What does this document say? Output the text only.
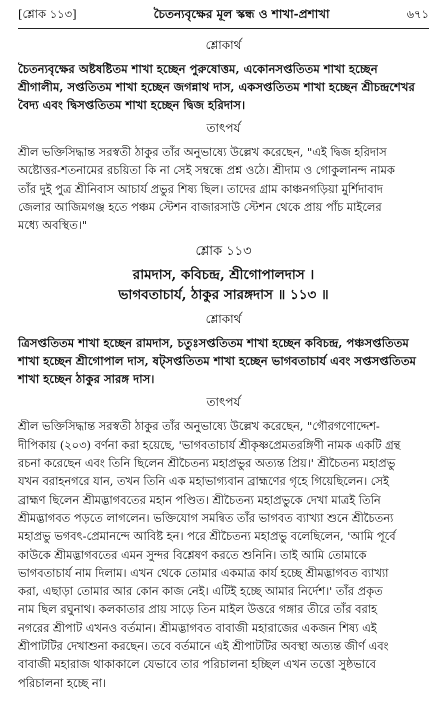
[শ্লোক ১১৩]	চৈতন্যবৃক্ষের মূল স্কন্ধ ও শাখা-প্রশাখা	৬৭১
শ্লোকার্থ

চৈতন্যবৃক্ষের অষ্টষষ্টিতম শাখা হচ্ছেন পুরুষোত্তম, একোনসপ্ততিতম শাখা হচ্ছেন

শ্রীগালীম, সপ্ততিতম শাখা হচ্ছেন জগন্নাথ দাস, একসপ্ততিতম শাখা হচ্ছেন শ্রীচন্দ্রশেখর

বৈদ্য এবং দ্বিসপ্ততিতম শাখা হচ্ছেন দ্বিজ হরিদাস।

তাৎপর্য

শ্রীল ভক্তিসিদ্ধান্ত সরস্বতী ঠাকুর তাঁর অনুভাষ্যে উল্লেখ করেছেন, "এই দ্বিজ হরিদাস

অষ্টোত্তর-শতনামের রচয়িতা কি না সেই সম্বন্ধে প্রশ্ন ওঠে। শ্রীদাম ও গোকুলানন্দ নামক

তাঁর দুই পুত্র শ্রীনিবাস আচার্য প্রভুর শিষ্য ছিল। তাদের গ্রাম কাঞ্চনগড়িয়া মুর্শিদাবাদ

জেলার আজিমগঞ্জ হতে পঞ্চম স্টেশন বাজারসাউ স্টেশন থেকে প্রায় পাঁচ মাইলের

মধ্যে অবস্থিত।"

শ্লোক ১১৩

রামদাস, কবিচন্দ্র, শ্রীগোপালদাস ।

ভাগবতাচার্য, ঠাকুর সারঙ্গদাস ॥ ১১৩ ॥

শ্লোকার্থ

ত্রিসপ্ততিতম শাখা হচ্ছেন রামদাস, চতুঃসপ্ততিতম শাখা হচ্ছেন কবিচন্দ্র, পঞ্চসপ্ততিতম

শাখা হচ্ছেন শ্রীগোপাল দাস, ষট্সপ্ততিতম শাখা হচ্ছেন ভাগবতাচার্য এবং সপ্তসপ্ততিতম

শাখা হচ্ছেন ঠাকুর সারঙ্গ দাস।

তাৎপর্য

শ্রীল ভক্তিসিদ্ধান্ত সরস্বতী ঠাকুর তাঁর অনুভাষ্যে উল্লেখ করেছেন, "গৌরগণোদ্দেশ-

দীপিকায় (২০৩) বর্ণনা করা হয়েছে, 'ভাগবতাচার্য শ্রীকৃষ্ণপ্রেমতরঙ্গিণী নামক একটি গ্রন্থ

রচনা করেছেন এবং তিনি ছিলেন শ্রীচৈতন্য মহাপ্রভুর অত্যন্ত প্রিয়।' শ্রীচৈতন্য মহাপ্রভু

যখন বরাহনগরে যান, তখন তিনি এক মহাভাগ্যবান ব্রাহ্মণের গৃহে গিয়েছিলেন। সেই

ব্রাহ্মণ ছিলেন শ্রীমদ্ভাগবতের মহান পণ্ডিত। শ্রীচৈতন্য মহাপ্রভুকে দেখা মাত্রই তিনি

শ্রীমদ্ভাগবত পড়তে লাগলেন। ভক্তিযোগ সমন্বিত তাঁর ভাগবত ব্যাখ্যা শুনে শ্রীচৈতন্য

মহাপ্রভু ভগবৎ-প্রেমানন্দে আবিষ্ট হন। পরে শ্রীচৈতন্য মহাপ্রভু বলেছিলেন, 'আমি পূর্বে

কাউকে শ্রীমদ্ভাগবতের এমন সুন্দর বিশ্লেষণ করতে শুনিনি। তাই আমি তোমাকে

ভাগবতাচার্য নাম দিলাম। এখন থেকে তোমার একমাত্র কার্য হচ্ছে শ্রীমদ্ভাগবত ব্যাখ্যা

করা, এছাড়া তোমার আর কোন কাজ নেই। এটিই হচ্ছে আমার নির্দেশ।' তাঁর প্রকৃত

নাম ছিল রঘুনাথ। কলকাতার প্রায় সাড়ে তিন মাইল উত্তরে গঙ্গার তীরে তাঁর বরাহ

নগরের শ্রীপাট এখনও বর্তমান। শ্রীমদ্ভাগবত বাবাজী মহারাজের একজন শিষ্য এই

শ্রীপাটটির দেখাশুনা করছেন। তবে বর্তমানে এই শ্রীপাটটির অবস্থা অত্যন্ত জীর্ণ এবং

বাবাজী মহারাজ থাকাকালে যেভাবে তার পরিচালনা হচ্ছিল এখন তত্তো সুষ্ঠভাবে

পরিচালনা হচ্ছে না।
